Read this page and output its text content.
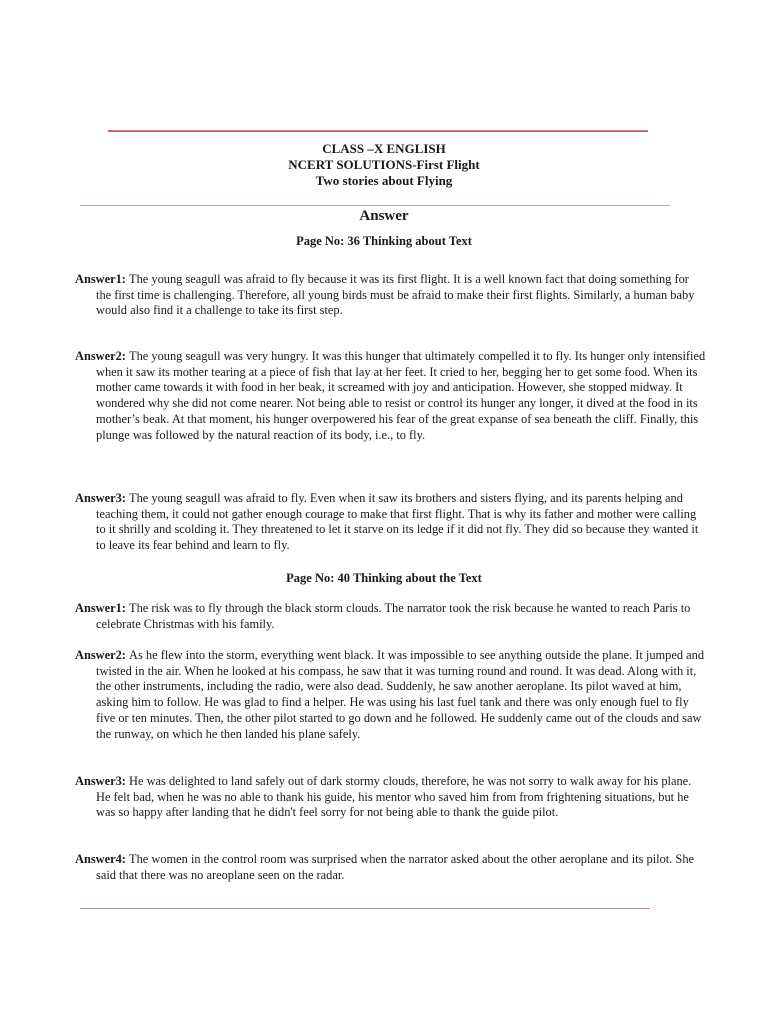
CLASS –X ENGLISH
NCERT SOLUTIONS-First Flight
Two stories about Flying
Answer
Page No: 36 Thinking about Text
Answer1: The young seagull was afraid to fly because it was its first flight. It is a well known fact that doing something for the first time is challenging. Therefore, all young birds must be afraid to make their first flights. Similarly, a human baby would also find it a challenge to take its first step.
Answer2: The young seagull was very hungry. It was this hunger that ultimately compelled it to fly. Its hunger only intensified when it saw its mother tearing at a piece of fish that lay at her feet. It cried to her, begging her to get some food. When its mother came towards it with food in her beak, it screamed with joy and anticipation. However, she stopped midway. It wondered why she did not come nearer. Not being able to resist or control its hunger any longer, it dived at the food in its mother’s beak. At that moment, his hunger overpowered his fear of the great expanse of sea beneath the cliff. Finally, this plunge was followed by the natural reaction of its body, i.e., to fly.
Answer3: The young seagull was afraid to fly. Even when it saw its brothers and sisters flying, and its parents helping and teaching them, it could not gather enough courage to make that first flight. That is why its father and mother were calling to it shrilly and scolding it. They threatened to let it starve on its ledge if it did not fly. They did so because they wanted it to leave its fear behind and learn to fly.
Page No: 40 Thinking about the Text
Answer1: The risk was to fly through the black storm clouds. The narrator took the risk because he wanted to reach Paris to celebrate Christmas with his family.
Answer2: As he flew into the storm, everything went black. It was impossible to see anything outside the plane. It jumped and twisted in the air. When he looked at his compass, he saw that it was turning round and round. It was dead. Along with it, the other instruments, including the radio, were also dead. Suddenly, he saw another aeroplane. Its pilot waved at him, asking him to follow. He was glad to find a helper. He was using his last fuel tank and there was only enough fuel to fly five or ten minutes. Then, the other pilot started to go down and he followed. He suddenly came out of the clouds and saw the runway, on which he then landed his plane safely.
Answer3: He was delighted to land safely out of dark stormy clouds, therefore, he was not sorry to walk away for his plane. He felt bad, when he was no able to thank his guide, his mentor who saved him from from frightening situations, but he was so happy after landing that he didn't feel sorry for not being able to thank the guide pilot.
Answer4: The women in the control room was surprised when the narrator asked about the other aeroplane and its pilot. She said that there was no areoplane seen on the radar.
